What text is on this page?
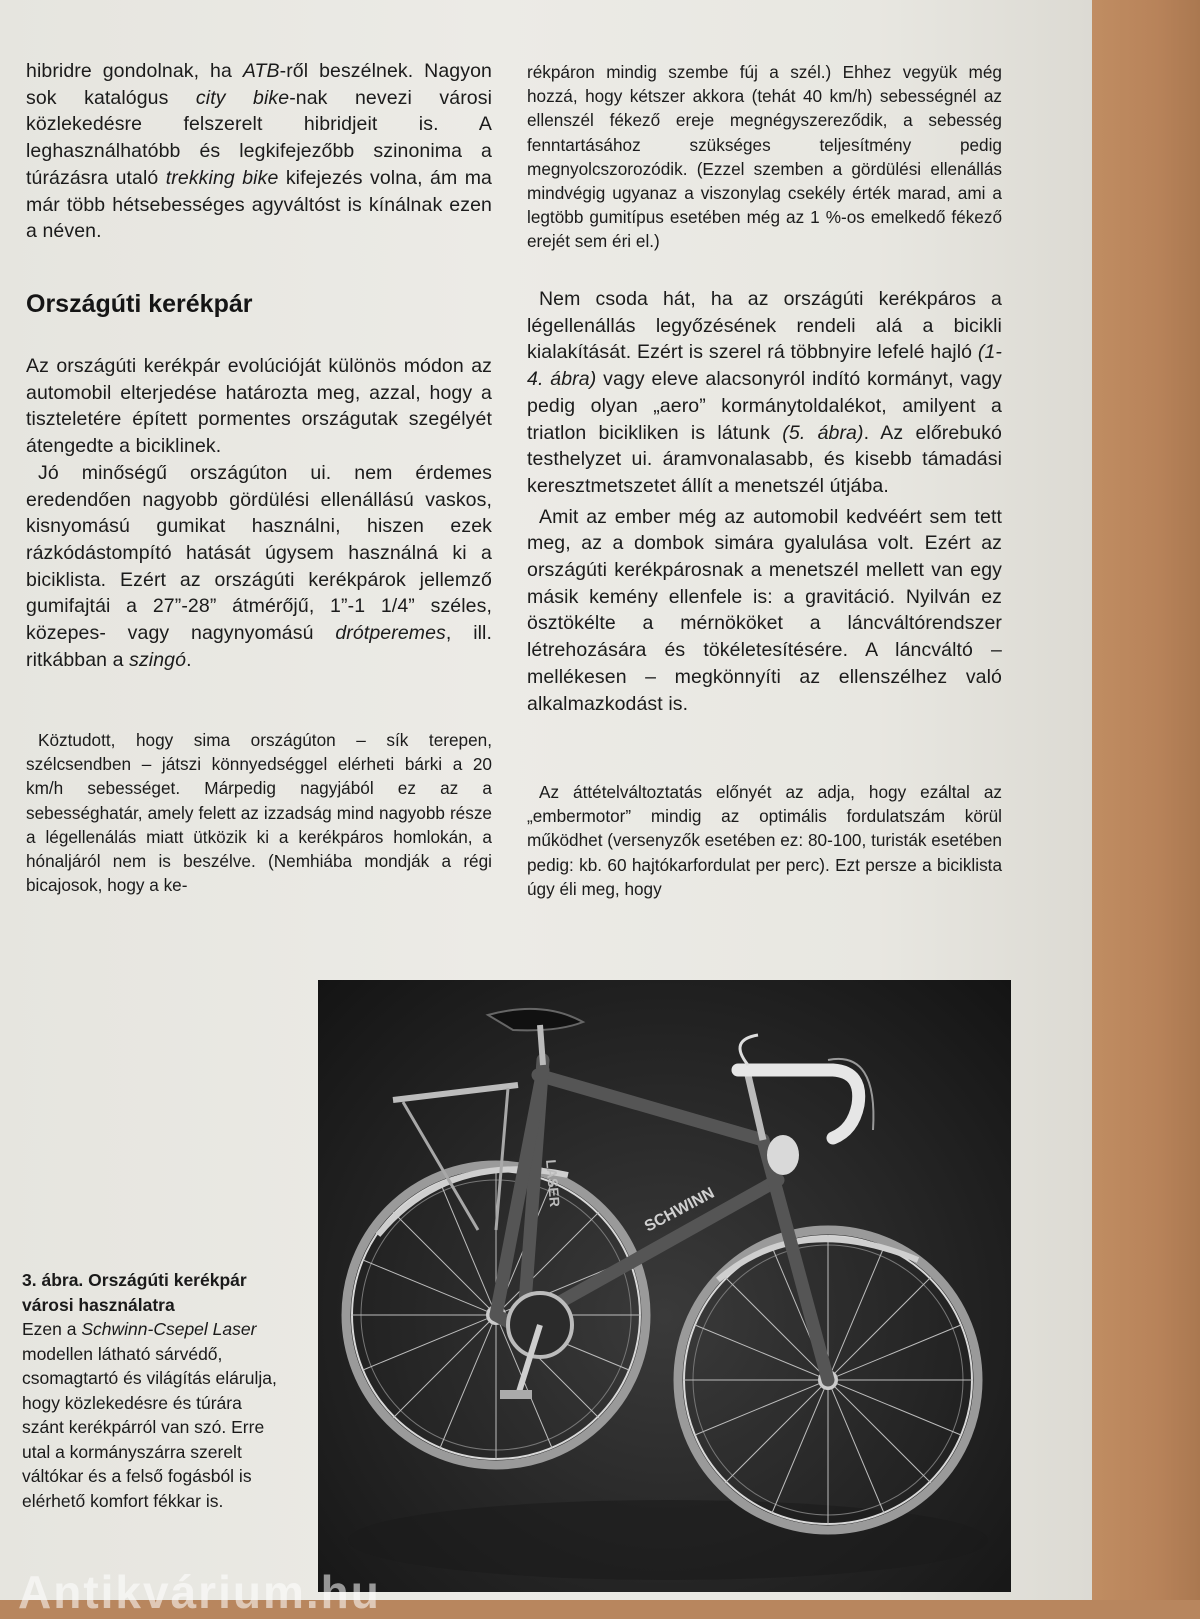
hibridre gondolnak, ha ATB-ről beszélnek. Nagyon sok katalógus city bike-nak nevezi városi közlekedésre felszerelt hibridjeit is. A leghasználhatóbb és legkifejezőbb szinonima a túrázásra utaló trekking bike kifejezés volna, ám ma már több hétsebességes agyváltóst is kínálnak ezen a néven.

Országúti kerékpár

Az országúti kerékpár evolúcióját különös módon az automobil elterjedése határozta meg, azzal, hogy a tiszteletére épített pormentes országutak szegélyét átengedte a biciklinek.

Jó minőségű országúton ui. nem érdemes eredendően nagyobb gördülési ellenállású vaskos, kisnyomású gumikat használni, hiszen ezek rázkódástompító hatását úgysem használná ki a biciklista. Ezért az országúti kerékpárok jellemző gumifajtái a 27”-28” átmérőjű, 1”-1 1/4” széles, közepes- vagy nagynyomású drótperemes, ill. ritkábban a szingó.

Köztudott, hogy sima országúton – sík terepen, szélcsendben – játszi könnyedséggel elérheti bárki a 20 km/h sebességet. Márpedig nagyjából ez az a sebességhatár, amely felett az izzadság mind nagyobb része a légellenálás miatt ütközik ki a kerékpáros homlokán, a hónaljáról nem is beszélve. (Nemhiába mondják a régi bicajosok, hogy a ke-

rékpáron mindig szembe fúj a szél.) Ehhez vegyük még hozzá, hogy kétszer akkora (tehát 40 km/h) sebességnél az ellenszél fékező ereje megnégyszereződik, a sebesség fenntartásához szükséges teljesítmény pedig megnyolcszorozódik. (Ezzel szemben a gördülési ellenállás mindvégig ugyanaz a viszonylag csekély érték marad, ami a legtöbb gumitípus esetében még az 1 %-os emelkedő fékező erejét sem éri el.)

Nem csoda hát, ha az országúti kerékpáros a légellenállás legyőzésének rendeli alá a bicikli kialakítását. Ezért is szerel rá többnyire lefelé hajló (1-4. ábra) vagy eleve alacsonyról indító kormányt, vagy pedig olyan „aero” kormánytoldalékot, amilyent a triatlon bicikliken is látunk (5. ábra). Az előrebukó testhelyzet ui. áramvonalasabb, és kisebb támadási keresztmetszetet állít a menetszél útjába.

Amit az ember még az automobil kedvéért sem tett meg, az a dombok simára gyalulása volt. Ezért az országúti kerékpárosnak a menetszél mellett van egy másik kemény ellenfele is: a gravitáció. Nyilván ez ösztökélte a mérnököket a láncváltórendszer létrehozására és tökéletesítésére. A láncváltó – mellékesen – megkönnyíti az ellenszélhez való alkalmazkodást is.

Az áttételváltoztatás előnyét az adja, hogy ezáltal az „embermotor” mindig az optimális fordulatszám körül működhet (versenyzők esetében ez: 80-100, turisták esetében pedig: kb. 60 hajtókarfordulat per perc). Ezt persze a biciklista úgy éli meg, hogy

SCHWINN
LASER
3. ábra. Országúti kerékpár városi használatra
Ezen a Schwinn-Csepel Laser modellen látható sárvédő, csomagtartó és világítás elárulja, hogy közlekedésre és túrára szánt kerékpárról van szó. Erre utal a kormányszárra szerelt váltókar és a felső fogásból is elérhető komfort fékkar is.
Antikvárium.hu
